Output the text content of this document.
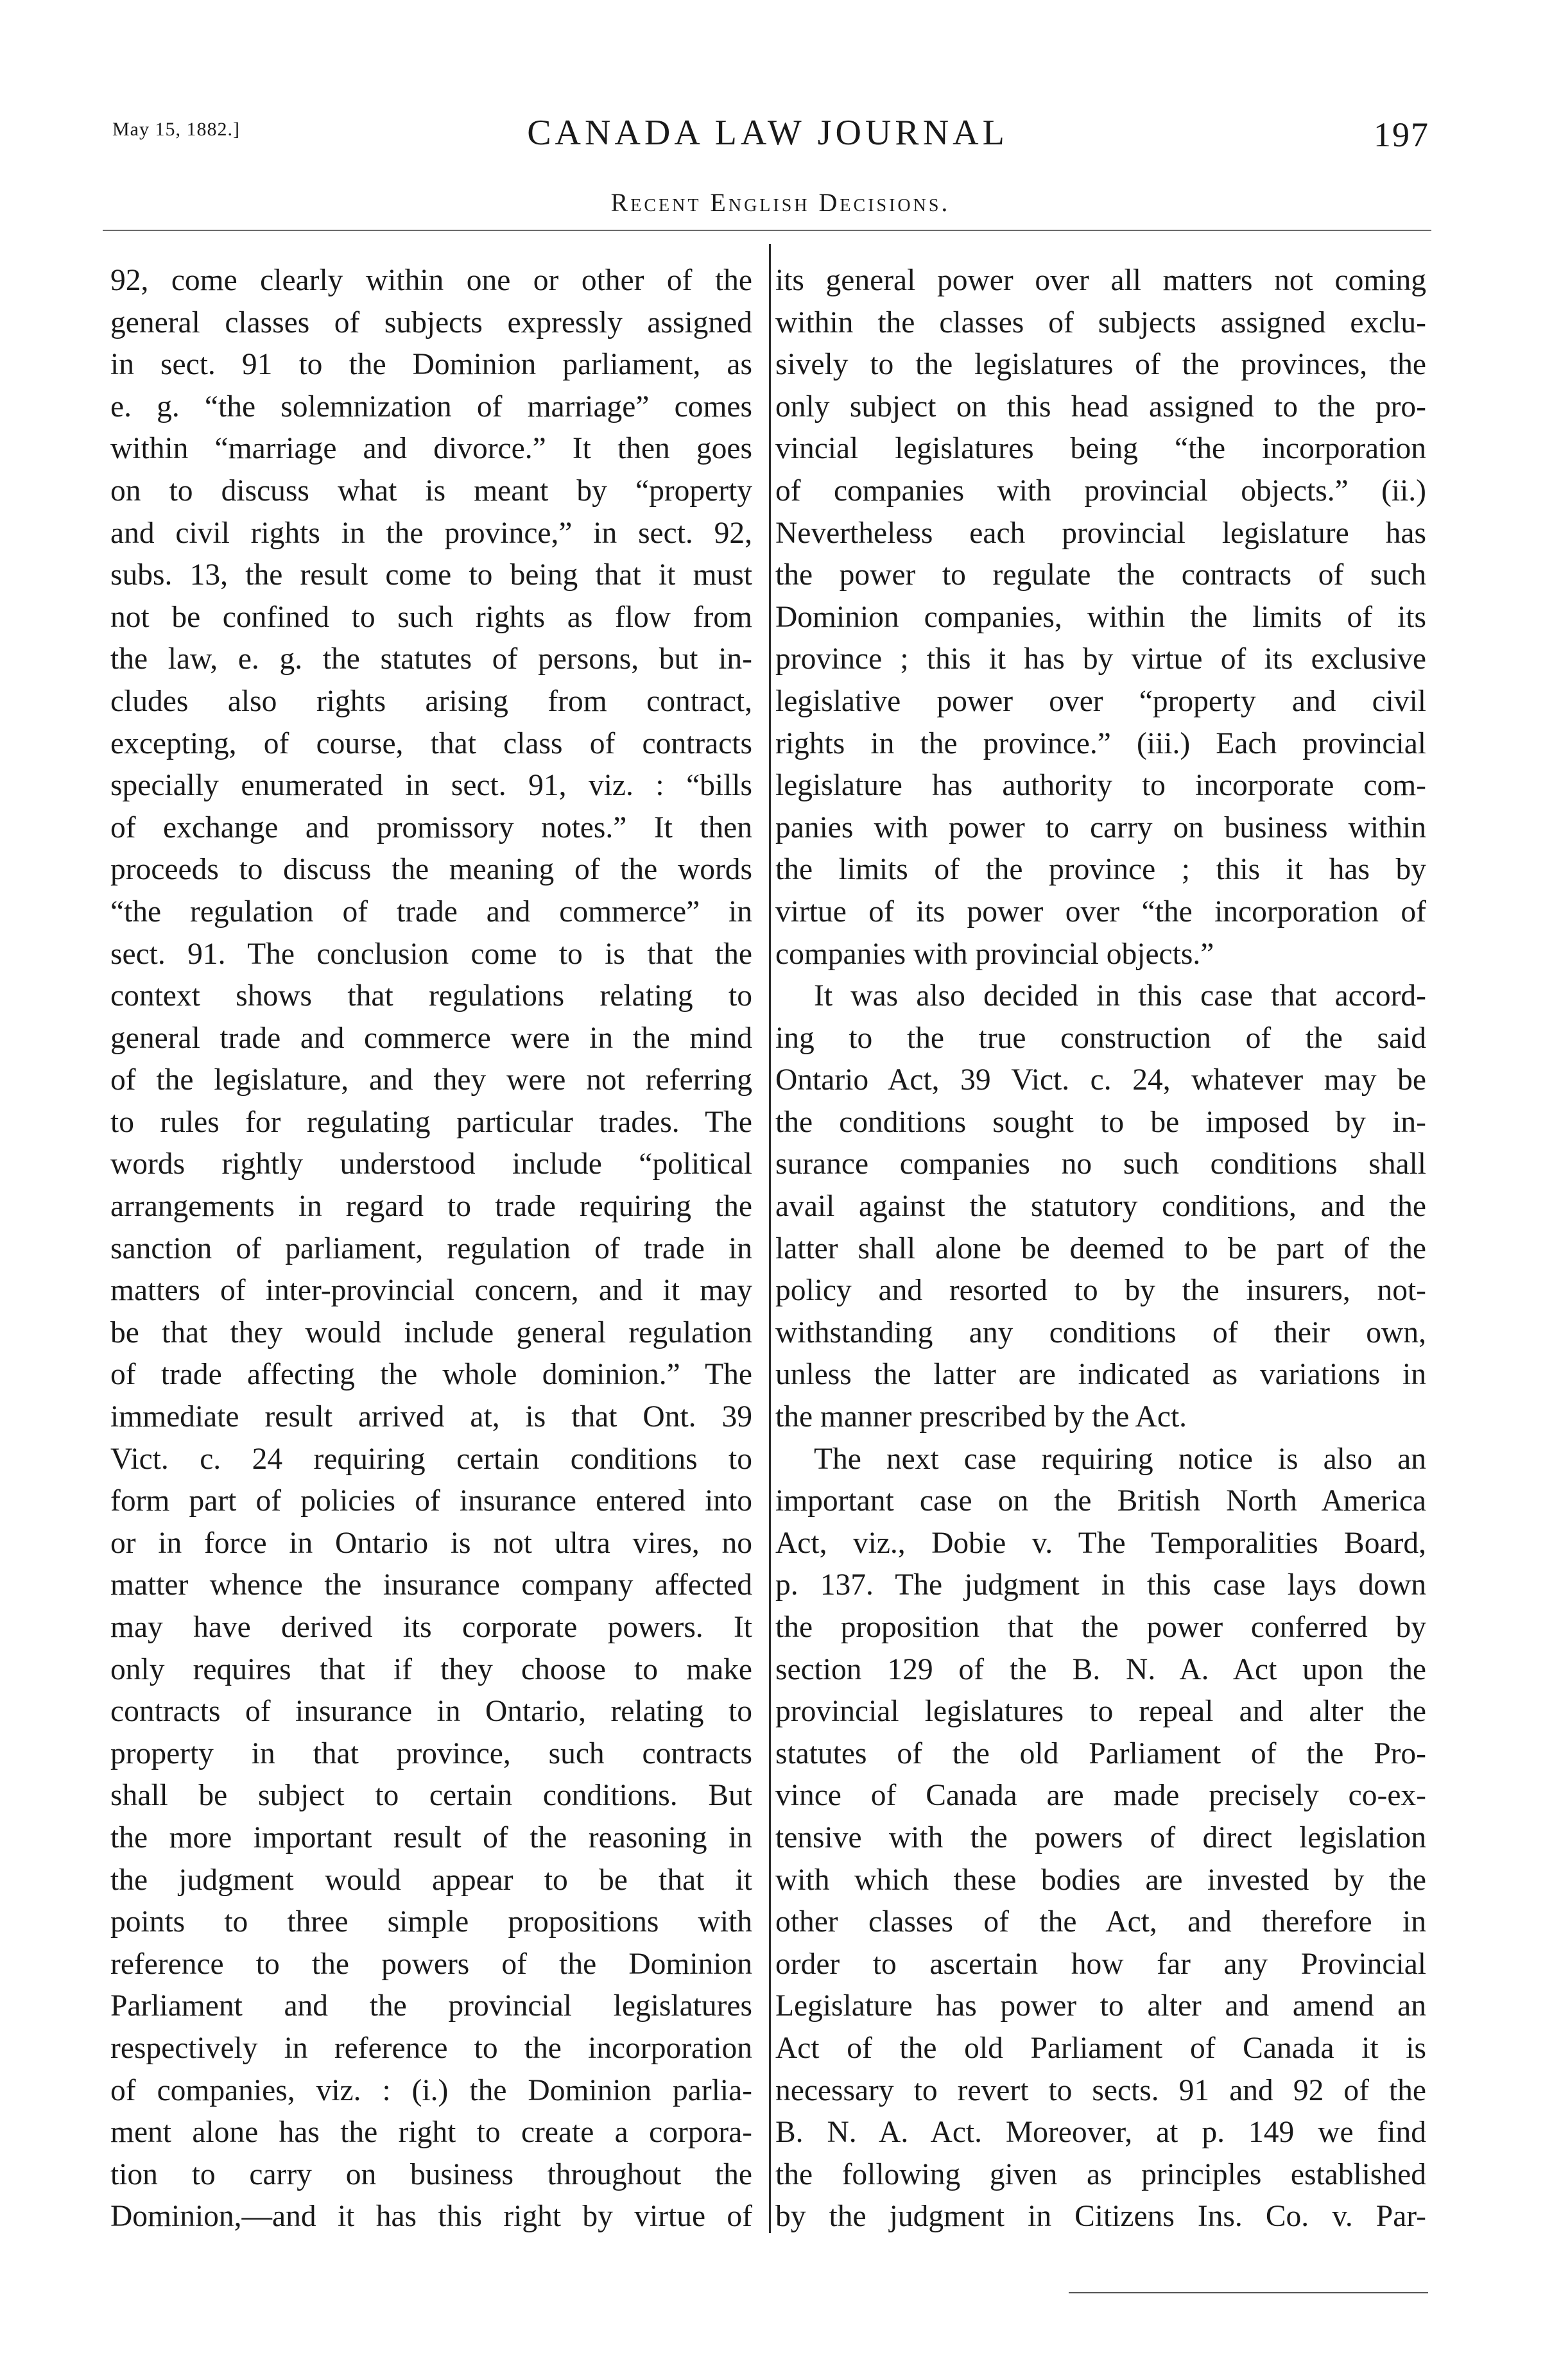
May 15, 1882.]	CANADA LAW JOURNAL	197
Recent English Decisions.
92, come clearly within one or other of the
general classes of subjects expressly assigned
in sect. 91 to the Dominion parliament, as
e. g. “the solemnization of marriage” comes
within “marriage and divorce.” It then goes
on to discuss what is meant by “property
and civil rights in the province,” in sect. 92,
subs. 13, the result come to being that it must
not be confined to such rights as flow from
the law, e. g. the statutes of persons, but in-
cludes also rights arising from contract,
excepting, of course, that class of contracts
specially enumerated in sect. 91, viz. : “bills
of exchange and promissory notes.” It then
proceeds to discuss the meaning of the words
“the regulation of trade and commerce” in
sect. 91. The conclusion come to is that the
context shows that regulations relating to
general trade and commerce were in the mind
of the legislature, and they were not referring
to rules for regulating particular trades. The
words rightly understood include “political
arrangements in regard to trade requiring the
sanction of parliament, regulation of trade in
matters of inter-provincial concern, and it may
be that they would include general regulation
of trade affecting the whole dominion.” The
immediate result arrived at, is that Ont. 39
Vict. c. 24 requiring certain conditions to
form part of policies of insurance entered into
or in force in Ontario is not ultra vires, no
matter whence the insurance company affected
may have derived its corporate powers. It
only requires that if they choose to make
contracts of insurance in Ontario, relating to
property in that province, such contracts
shall be subject to certain conditions. But
the more important result of the reasoning in
the judgment would appear to be that it
points to three simple propositions with
reference to the powers of the Dominion
Parliament and the provincial legislatures
respectively in reference to the incorporation
of companies, viz. : (i.) the Dominion parlia-
ment alone has the right to create a corpora-
tion to carry on business throughout the
Dominion,—and it has this right by virtue of
its general power over all matters not coming
within the classes of subjects assigned exclu-
sively to the legislatures of the provinces, the
only subject on this head assigned to the pro-
vincial legislatures being “the incorporation
of companies with provincial objects.” (ii.)
Nevertheless each provincial legislature has
the power to regulate the contracts of such
Dominion companies, within the limits of its
province ; this it has by virtue of its exclusive
legislative power over “property and civil
rights in the province.” (iii.) Each provincial
legislature has authority to incorporate com-
panies with power to carry on business within
the limits of the province ; this it has by
virtue of its power over “the incorporation of
companies with provincial objects.”
It was also decided in this case that accord-
ing to the true construction of the said
Ontario Act, 39 Vict. c. 24, whatever may be
the conditions sought to be imposed by in-
surance companies no such conditions shall
avail against the statutory conditions, and the
latter shall alone be deemed to be part of the
policy and resorted to by the insurers, not-
withstanding any conditions of their own,
unless the latter are indicated as variations in
the manner prescribed by the Act.
The next case requiring notice is also an
important case on the British North America
Act, viz., Dobie v. The Temporalities Board,
p. 137. The judgment in this case lays down
the proposition that the power conferred by
section 129 of the B. N. A. Act upon the
provincial legislatures to repeal and alter the
statutes of the old Parliament of the Pro-
vince of Canada are made precisely co-ex-
tensive with the powers of direct legislation
with which these bodies are invested by the
other classes of the Act, and therefore in
order to ascertain how far any Provincial
Legislature has power to alter and amend an
Act of the old Parliament of Canada it is
necessary to revert to sects. 91 and 92 of the
B. N. A. Act. Moreover, at p. 149 we find
the following given as principles established
by the judgment in Citizens Ins. Co. v. Par-
